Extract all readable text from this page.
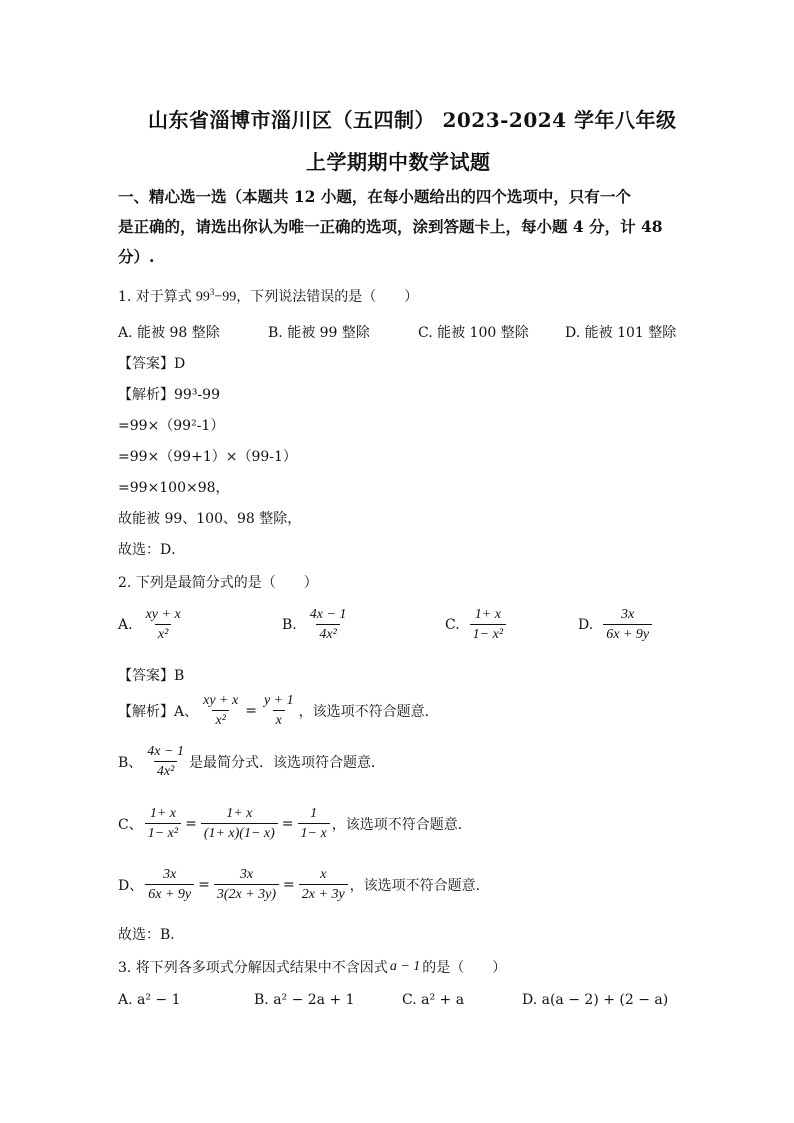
山东省淄博市淄川区（五四制） 2023-2024 学年八年级
上学期期中数学试题
一、精心选一选（本题共 12 小题，在每小题给出的四个选项中，只有一个
是正确的，请选出你认为唯一正确的选项，涂到答题卡上，每小题 4 分，计 48
分）.
1. 对于算式 $99^3-99$ ，下列说法错误的是（　　）
A. 能被 98 整除	B. 能被 99 整除	C. 能被 100 整除	D. 能被 101 整除
【答案】D
【解析】99³-99
=99×（99²-1）
=99×（99+1）×（99-1）
=99×100×98，
故能被 99、100、98 整除，
故选：D．
2. 下列是最简分式的是（　　）
A. $\frac{xy + x}{\text{x²}}$	B. $\frac{4x - 1}{\text{4x²}}$	C. $\frac{1+ x}{\text{1− x²}}$	D. $\frac{3x}{6x + 9y}$
【答案】B
【解析】A、 $\frac{xy + x}{\text{x²}} = \frac{y + 1}{x}$ ，该选项不符合题意．
B、 $\frac{4x - 1}{\text{4x²}}$ 是最简分式．该选项符合题意．
C、 $\frac{1+ x}{\text{1− x²}} = \frac{1+ x}{(1+ x)(1- x)} = \frac{1}{1- x}$ ，该选项不符合题意．
D、 $\frac{3x}{6x + 9y} = \frac{3x}{3(2x + 3y)} = \frac{x}{2x + 3y}$ ，该选项不符合题意．
故选：B．
3. 将下列各多项式分解因式结果中不含因式 a − 1 的是（　　）
A. a² − 1	B. a² − 2a + 1	C. a² + a	D. a(a − 2) + (2 − a)
